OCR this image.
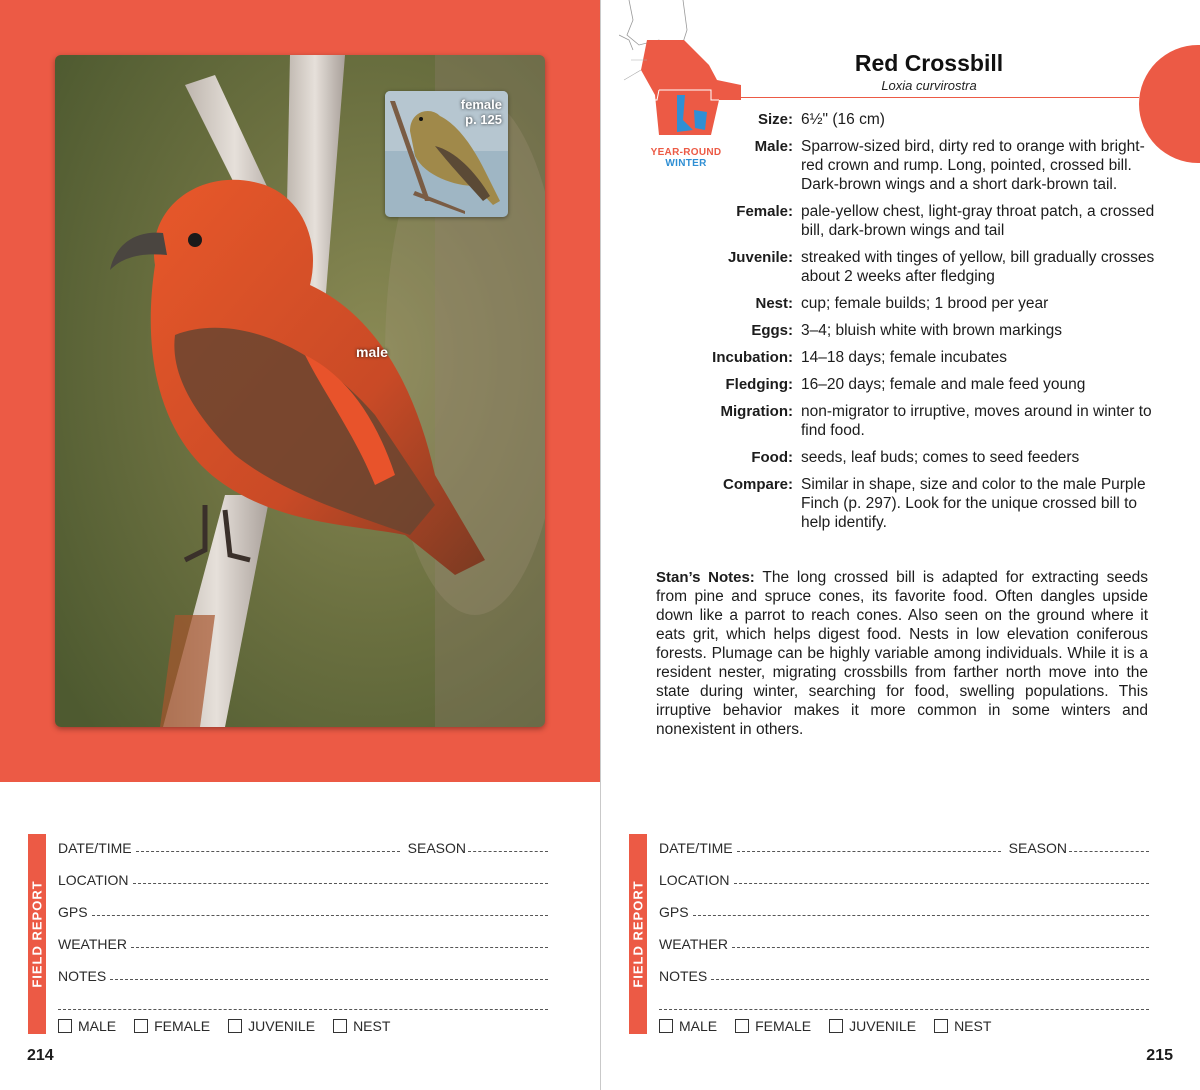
male
female
p. 125
FIELD REPORT
DATE/TIME	SEASON
LOCATION
GPS
WEATHER
NOTES
MALE	FEMALE	JUVENILE	NEST
214
YEAR-ROUND
WINTER
Red Crossbill
Loxia curvirostra
Size: 6½" (16 cm)
Male: Sparrow-sized bird, dirty red to orange with bright-red crown and rump. Long, pointed, crossed bill. Dark-brown wings and a short dark-brown tail.
Female: pale-yellow chest, light-gray throat patch, a crossed bill, dark-brown wings and tail
Juvenile: streaked with tinges of yellow, bill gradually crosses about 2 weeks after fledging
Nest: cup; female builds; 1 brood per year
Eggs: 3–4; bluish white with brown markings
Incubation: 14–18 days; female incubates
Fledging: 16–20 days; female and male feed young
Migration: non-migrator to irruptive, moves around in winter to find food.
Food: seeds, leaf buds; comes to seed feeders
Compare: Similar in shape, size and color to the male Purple Finch (p. 297). Look for the unique crossed bill to help identify.
Stan’s Notes: The long crossed bill is adapted for extracting seeds from pine and spruce cones, its favorite food. Often dangles upside down like a parrot to reach cones. Also seen on the ground where it eats grit, which helps digest food. Nests in low elevation coniferous forests. Plumage can be highly variable among individuals. While it is a resident nester, migrating crossbills from farther north move into the state during winter, searching for food, swelling populations. This irruptive behavior makes it more common in some winters and nonexistent in others.
FIELD REPORT
DATE/TIME	SEASON
LOCATION
GPS
WEATHER
NOTES
MALE	FEMALE	JUVENILE	NEST
215
